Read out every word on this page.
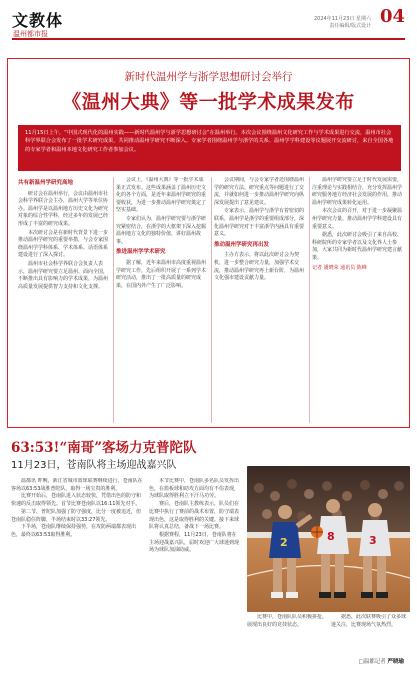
文教体
温州都市报
2024年11月23日 星期六
责任编辑/版式设计 04
新时代温州学与浙学思想研讨会举行
《温州大典》等一批学术成果发布
11月15日上午，“中国式现代化的温州实践——新时代温州学与浙学思想研讨会”在温州举行。本次会议围绕温州文化研究工作与学术成果进行交流，温州市社会科学界联合会发布了一批学术研究成果，共同推动温州学研究不断深入。专家学者围绕温州学与浙学的关系、温州学学科建设等议题展开交流研讨，来自全国各地的专家学者和温州本地文化研究工作者参加会议。
共有新温州学研究高地

研讨会在温州举行，会议由温州市社会科学界联合会主办，温州大学等单位协办。温州学是以温州地方历史文化为研究对象的综合性学科，经过多年的发展已经形成了丰富的研究成果。

本次研讨会是在新时代背景下进一步推动温州学研究的重要举措，与会专家围绕温州学学科体系、学术体系、话语体系建设进行了深入探讨。

温州市社会科学界联合会负责人表示，温州学研究要立足温州、面向全国，不断推出具有影响力的学术成果，为温州高质量发展提供智力支持和文化支撑。

会议上，《温州大典》等一批学术成果正式发布。这些成果涵盖了温州历史文化的各个方面，是近年来温州学研究的重要收获，为进一步推动温州学研究奠定了坚实基础。

专家们认为，温州学研究要与浙学研究紧密结合，在浙学的大框架下深入挖掘温州地方文化的独特价值，讲好温州故事。

推进温州学学术研究

据了解，近年来温州市高度重视温州学研究工作，先后组织开展了一系列学术研究活动，推出了一批高质量的研究成果，在国内外产生了广泛影响。

会议期间，与会专家学者还围绕温州学的研究方法、研究重点等问题进行了交流，并就如何进一步推动温州学研究向纵深发展提出了意见建议。

专家表示，温州学与浙学有着密切的联系，温州学是浙学的重要组成部分，深化温州学研究对于丰富浙学内涵具有重要意义。

推动温州学研究再出发

主办方表示，将以此次研讨会为契机，进一步整合研究力量，加强学术交流，推动温州学研究再上新台阶，为温州文化强市建设贡献力量。

温州学研究要立足于时代发展需要，注重理论与实践相结合，充分发挥温州学研究服务地方经济社会发展的作用，推动温州学研究成果转化运用。

本次会议的召开，对于进一步凝聚温州学研究力量、推动温州学学科建设具有重要意义。

据悉，此次研讨会吸引了来自高校、科研院所的专家学者以及文化界人士参加，大家共同为新时代温州学研究建言献策。

记者 潘晓荣 通讯员 陈峰

63:53!“南哥”客场力克普陀队
11月23日，苍南队将主场迎战嘉兴队

温都讯 昨晚，浙江省城市篮球联赛继续进行，苍南队在客场以63:53战胜普陀队，取得一场宝贵的胜利。

比赛开始后，苍南队进入状态较快，凭借出色的防守和快速的反击取得领先。首节比赛苍南队以16:11领先对手。

第二节，普陀队加强了防守强度，比分一度被追近，但苍南队稳住阵脚，半场结束时以33:27领先。

下半场，苍南队继续保持强势，在攻防两端都表现出色，最终以63:53取得胜利。

本节比赛中，苍南队多名队员发挥出色，在篮板球和助攻方面均有不俗表现，为球队取得胜利立下汗马功劳。

赛后，苍南队主教练表示，队员们在比赛中执行了赛前的战术布置，防守端表现出色，这是取得胜利的关键。接下来球队将认真总结，备战下一场比赛。

根据赛程，11月23日，苍南队将在主场迎战嘉兴队，届时欢迎广大球迷到现场为球队加油助威。

2	8	3

比赛中，苍南队队员积极拼抢，展现出良好的竞技状态。

据悉，此次联赛吸引了众多球迷关注，比赛现场气氛热烈。

□温都记者 严晓瑜
